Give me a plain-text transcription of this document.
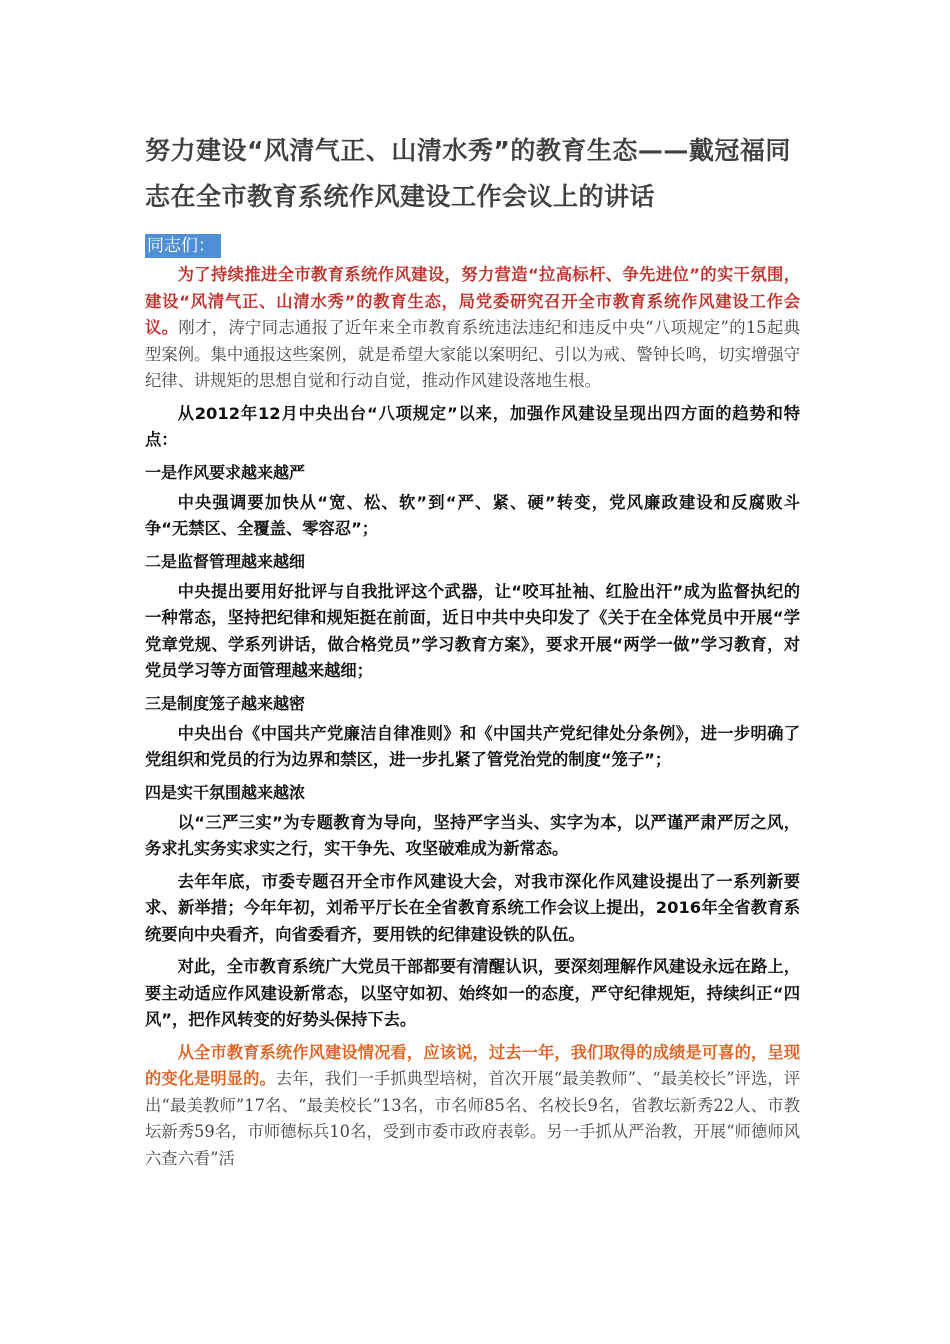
努力建设“风清气正、山清水秀”的教育生态——戴冠福同志在全市教育系统作风建设工作会议上的讲话
同志们：

为了持续推进全市教育系统作风建设，努力营造“拉高标杆、争先进位”的实干氛围，建设“风清气正、山清水秀”的教育生态，局党委研究召开全市教育系统作风建设工作会议。刚才，涛宁同志通报了近年来全市教育系统违法违纪和违反中央“八项规定”的15起典型案例。集中通报这些案例，就是希望大家能以案明纪、引以为戒、警钟长鸣，切实增强守纪律、讲规矩的思想自觉和行动自觉，推动作风建设落地生根。

从2012年12月中央出台“八项规定”以来，加强作风建设呈现出四方面的趋势和特点：

一是作风要求越来越严

中央强调要加快从“宽、松、软”到“严、紧、硬”转变，党风廉政建设和反腐败斗争“无禁区、全覆盖、零容忍”；

二是监督管理越来越细

中央提出要用好批评与自我批评这个武器，让“咬耳扯袖、红脸出汗”成为监督执纪的一种常态，坚持把纪律和规矩挺在前面，近日中共中央印发了《关于在全体党员中开展“学党章党规、学系列讲话，做合格党员”学习教育方案》，要求开展“两学一做”学习教育，对党员学习等方面管理越来越细；

三是制度笼子越来越密

中央出台《中国共产党廉洁自律准则》和《中国共产党纪律处分条例》，进一步明确了党组织和党员的行为边界和禁区，进一步扎紧了管党治党的制度“笼子”；

四是实干氛围越来越浓

以“三严三实”为专题教育为导向，坚持严字当头、实字为本，以严谨严肃严厉之风，务求扎实务实求实之行，实干争先、攻坚破难成为新常态。

去年年底，市委专题召开全市作风建设大会，对我市深化作风建设提出了一系列新要求、新举措；今年年初，刘希平厅长在全省教育系统工作会议上提出，2016年全省教育系统要向中央看齐，向省委看齐，要用铁的纪律建设铁的队伍。

对此，全市教育系统广大党员干部都要有清醒认识，要深刻理解作风建设永远在路上，要主动适应作风建设新常态，以坚守如初、始终如一的态度，严守纪律规矩，持续纠正“四风”，把作风转变的好势头保持下去。

从全市教育系统作风建设情况看，应该说，过去一年，我们取得的成绩是可喜的，呈现的变化是明显的。去年，我们一手抓典型培树，首次开展“最美教师”、“最美校长”评选，评出“最美教师”17名、“最美校长”13名，市名师85名、名校长9名，省教坛新秀22人、市教坛新秀59名，市师德标兵10名，受到市委市政府表彰。另一手抓从严治教，开展“师德师风六查六看”活
